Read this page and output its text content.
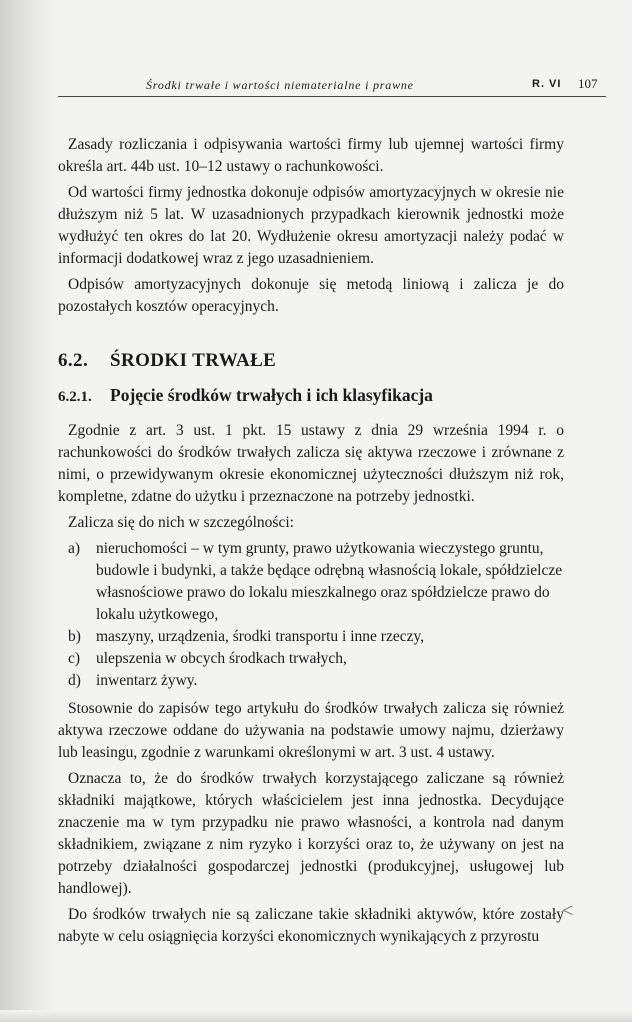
Środki trwałe i wartości niematerialne i prawne	R. VI 107

Zasady rozliczania i odpisywania wartości firmy lub ujemnej wartości firmy określa art. 44b ust. 10–12 ustawy o rachunkowości.

Od wartości firmy jednostka dokonuje odpisów amortyzacyjnych w okresie nie dłuższym niż 5 lat. W uzasadnionych przypadkach kierownik jednostki może wydłużyć ten okres do lat 20. Wydłużenie okresu amortyzacji należy podać w informacji dodatkowej wraz z jego uzasadnieniem.

Odpisów amortyzacyjnych dokonuje się metodą liniową i zalicza je do pozostałych kosztów operacyjnych.

6.2. ŚRODKI TRWAŁE
6.2.1. Pojęcie środków trwałych i ich klasyfikacja

Zgodnie z art. 3 ust. 1 pkt. 15 ustawy z dnia 29 września 1994 r. o rachunkowości do środków trwałych zalicza się aktywa rzeczowe i zrównane z nimi, o przewidywanym okresie ekonomicznej użyteczności dłuższym niż rok, kompletne, zdatne do użytku i przeznaczone na potrzeby jednostki.

Zalicza się do nich w szczególności:

a) nieruchomości – w tym grunty, prawo użytkowania wieczystego gruntu, budowle i budynki, a także będące odrębną własnością lokale, spółdzielcze własnościowe prawo do lokalu mieszkalnego oraz spółdzielcze prawo do lokalu użytkowego,
b) maszyny, urządzenia, środki transportu i inne rzeczy,
c) ulepszenia w obcych środkach trwałych,
d) inwentarz żywy.

Stosownie do zapisów tego artykułu do środków trwałych zalicza się również aktywa rzeczowe oddane do używania na podstawie umowy najmu, dzierżawy lub leasingu, zgodnie z warunkami określonymi w art. 3 ust. 4 ustawy.

Oznacza to, że do środków trwałych korzystającego zaliczane są również składniki majątkowe, których właścicielem jest inna jednostka. Decydujące znaczenie ma w tym przypadku nie prawo własności, a kontrola nad danym składnikiem, związane z nim ryzyko i korzyści oraz to, że używany on jest na potrzeby działalności gospodarczej jednostki (produkcyjnej, usługowej lub handlowej).

Do środków trwałych nie są zaliczane takie składniki aktywów, które zostały nabyte w celu osiągnięcia korzyści ekonomicznych wynikających z przyrostu

<
